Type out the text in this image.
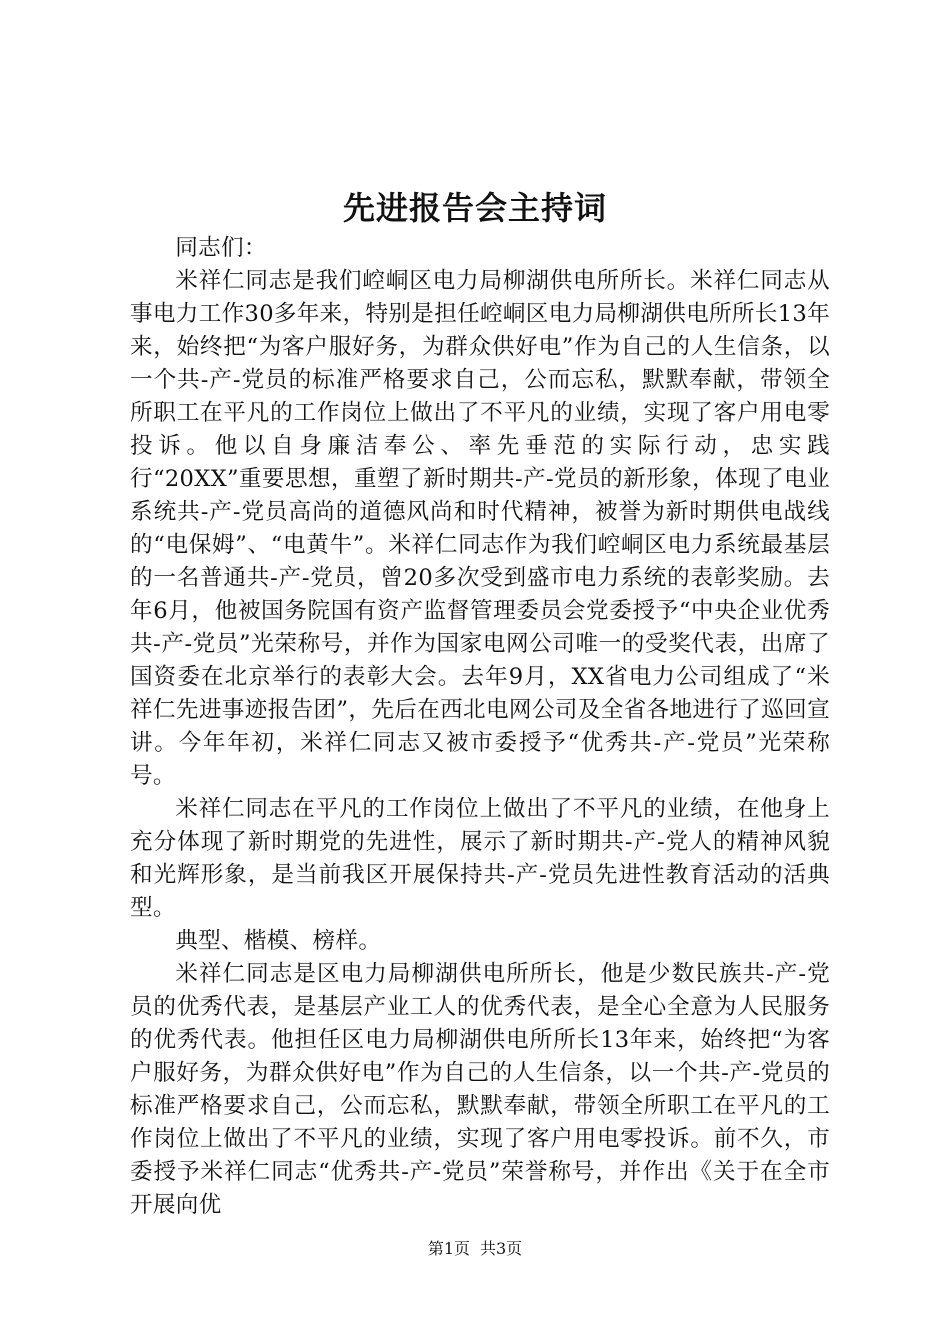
先进报告会主持词

同志们：

米祥仁同志是我们崆峒区电力局柳湖供电所所长。米祥仁同志从事电力工作30多年来，特别是担任崆峒区电力局柳湖供电所所长13年来，始终把“为客户服好务，为群众供好电”作为自己的人生信条，以一个共-产-党员的标准严格要求自己，公而忘私，默默奉献，带领全所职工在平凡的工作岗位上做出了不平凡的业绩，实现了客户用电零投诉。他以自身廉洁奉公、率先垂范的实际行动，忠实践行“20XX”重要思想，重塑了新时期共-产-党员的新形象，体现了电业系统共-产-党员高尚的道德风尚和时代精神，被誉为新时期供电战线的“电保姆”、“电黄牛”。米祥仁同志作为我们崆峒区电力系统最基层的一名普通共-产-党员，曾20多次受到盛市电力系统的表彰奖励。去年6月，他被国务院国有资产监督管理委员会党委授予“中央企业优秀共-产-党员”光荣称号，并作为国家电网公司唯一的受奖代表，出席了国资委在北京举行的表彰大会。去年9月，XX省电力公司组成了“米祥仁先进事迹报告团”，先后在西北电网公司及全省各地进行了巡回宣讲。今年年初，米祥仁同志又被市委授予“优秀共-产-党员”光荣称号。

米祥仁同志在平凡的工作岗位上做出了不平凡的业绩，在他身上充分体现了新时期党的先进性，展示了新时期共-产-党人的精神风貌和光辉形象，是当前我区开展保持共-产-党员先进性教育活动的活典型。

典型、楷模、榜样。

米祥仁同志是区电力局柳湖供电所所长，他是少数民族共-产-党员的优秀代表，是基层产业工人的优秀代表，是全心全意为人民服务的优秀代表。他担任区电力局柳湖供电所所长13年来，始终把“为客户服好务，为群众供好电”作为自己的人生信条，以一个共-产-党员的标准严格要求自己，公而忘私，默默奉献，带领全所职工在平凡的工作岗位上做出了不平凡的业绩，实现了客户用电零投诉。前不久，市委授予米祥仁同志“优秀共-产-党员”荣誉称号，并作出《关于在全市开展向优

第1页 共3页
